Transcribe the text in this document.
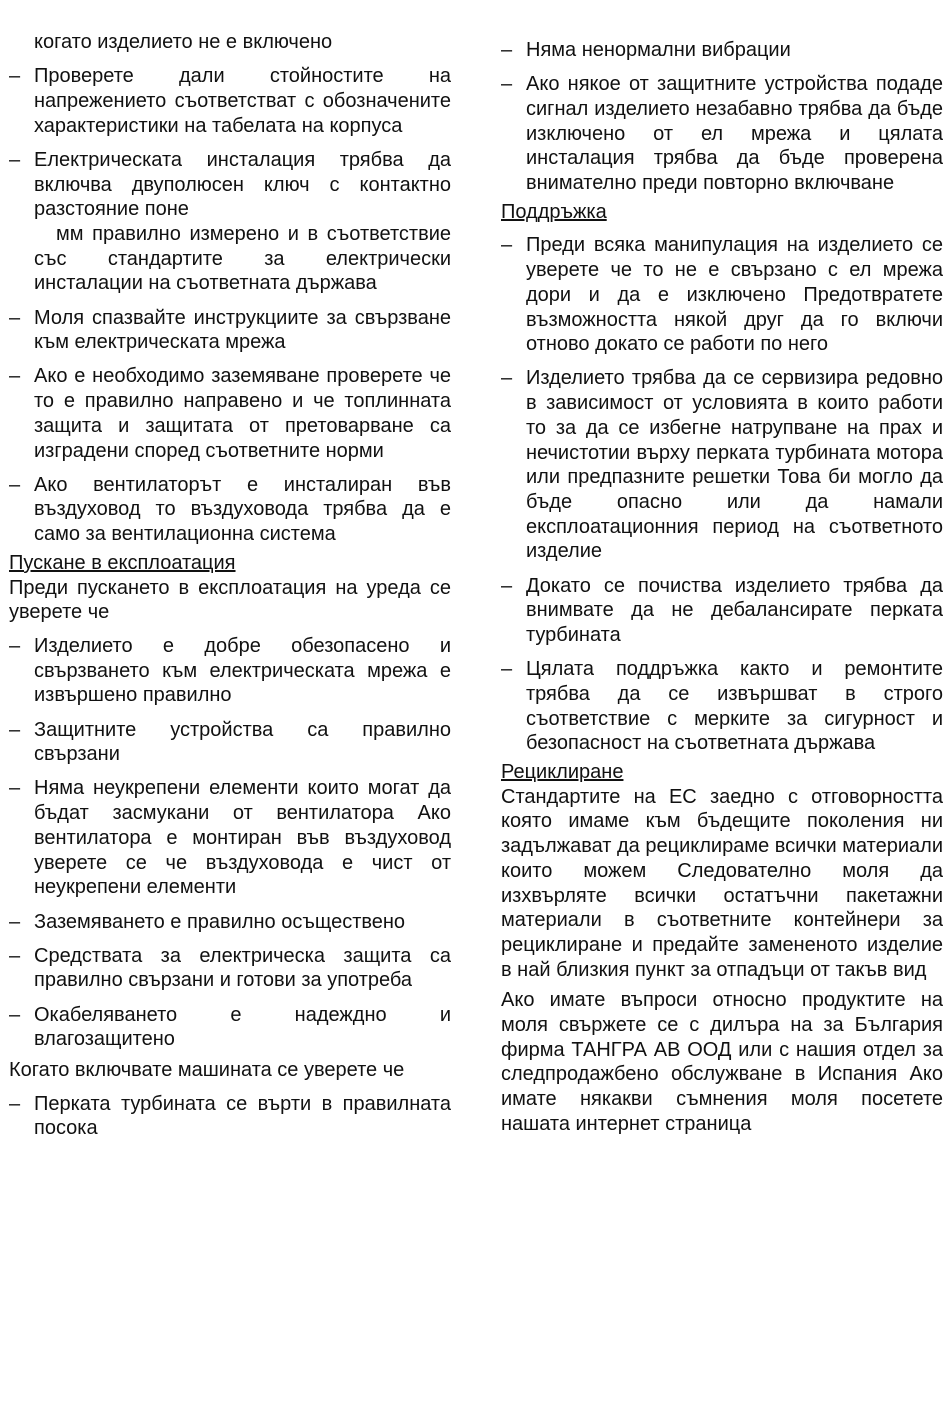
когато изделието не е включено
– Проверете дали стойностите на напрежението съответстват с обозначените характеристики на табелата на корпуса
– Електрическата инсталация трябва да включва двуполюсен ключ с контактно разстояние поне
мм правилно измерено и в съответствие със стандартите за електрически инсталации на съответната държава
– Моля спазвайте инструкциите за свързване към електрическата мрежа
– Ако е необходимо заземяване проверете че то е правилно направено и че топлинната защита и защитата от претоварване са изградени според съответните норми
– Ако вентилаторът е инсталиран във въздуховод то въздуховода трябва да е само за вентилационна система
Пускане в експлоатация
Преди пускането в експлоатация на уреда се уверете че
– Изделието е добре обезопасено и свързването към електрическата мрежа е извършено правилно
– Защитните устройства са правилно свързани
– Няма неукрепени елементи които могат да бъдат засмукани от вентилатора Ако вентилатора е монтиран във въздуховод уверете се че въздуховода е чист от неукрепени елементи
– Заземяването е правилно осъществено
– Средствата за електрическа защита са правилно свързани и готови за употреба
– Окабеляването е надеждно и влагозащитено
Когато включвате машината се уверете че
– Перката турбината се върти в правилната посока
– Няма ненормални вибрации
– Ако някое от защитните устройства подаде сигнал изделието незабавно трябва да бъде изключено от ел мрежа и цялата инсталация трябва да бъде проверена внимателно преди повторно включване
Поддръжка
– Преди всяка манипулация на изделието се уверете че то не е свързано с ел мрежа дори и да е изключено Предотвратете възможността някой друг да го включи отново докато се работи по него
– Изделието трябва да се сервизира редовно в зависимост от условията в които работи то за да се избегне натрупване на прах и нечистотии върху перката турбината мотора или предпазните решетки Това би могло да бъде опасно или да намали експлоатационния период на съответното изделие
– Докато се почиства изделието трябва да внимвате да не дебалансирате перката турбината
– Цялата поддръжка както и ремонтите трябва да се извършват в строго съответствие с мерките за сигурност и безопасност на съответната държава
Рециклиране
Стандартите на ЕС заедно с отговорността която имаме към бъдещите поколения ни задължават да рециклираме всички материали които можем Следователно моля да изхвърляте всички остатъчни пакетажни материали в съответните контейнери за рециклиране и предайте замененото изделие в най близкия пункт за отпадъци от такъв вид
Ако имате въпроси относно продуктите на моля свържете се с дилъра на за България фирма ТАНГРА АВ ООД или с нашия отдел за следпродажбено обслужване в Испания Ако имате някакви съмнения моля посетете нашата интернет страница
